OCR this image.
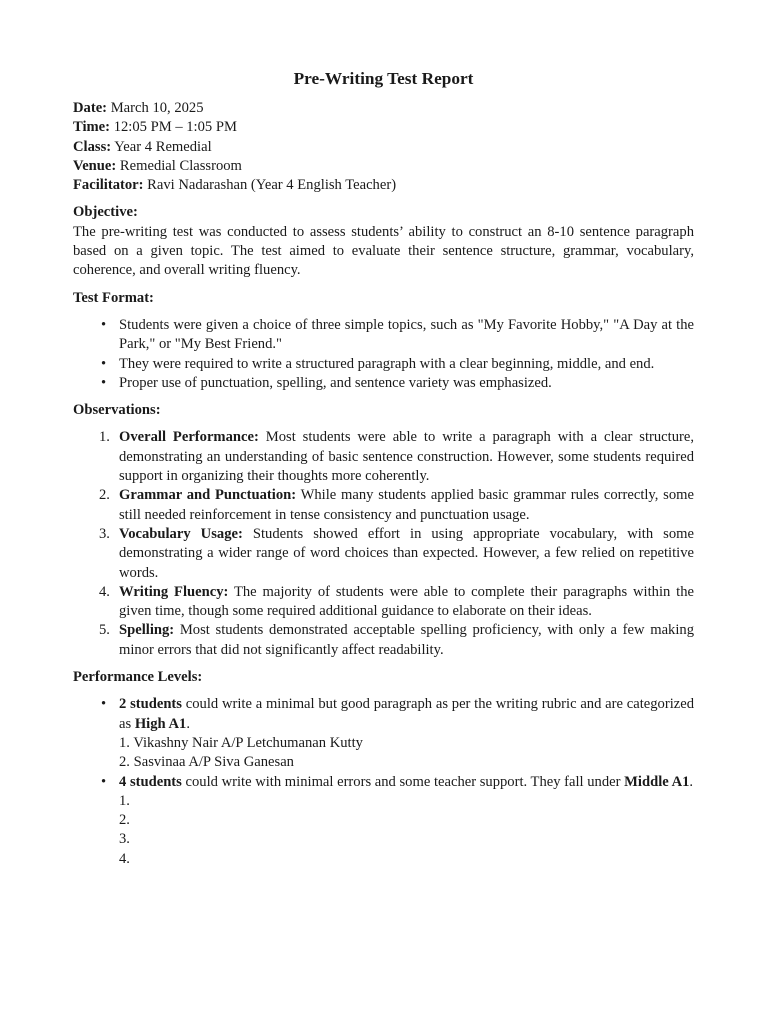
Pre-Writing Test Report

Date: March 10, 2025

Time: 12:05 PM – 1:05 PM

Class: Year 4 Remedial

Venue: Remedial Classroom

Facilitator: Ravi Nadarashan (Year 4 English Teacher)

Objective:

The pre-writing test was conducted to assess students’ ability to construct an 8-10 sentence paragraph based on a given topic. The test aimed to evaluate their sentence structure, grammar, vocabulary, coherence, and overall writing fluency.

Test Format:

• Students were given a choice of three simple topics, such as "My Favorite Hobby," "A Day at the Park," or "My Best Friend."
• They were required to write a structured paragraph with a clear beginning, middle, and end.
• Proper use of punctuation, spelling, and sentence variety was emphasized.

Observations:

1. Overall Performance: Most students were able to write a paragraph with a clear structure, demonstrating an understanding of basic sentence construction. However, some students required support in organizing their thoughts more coherently.
2. Grammar and Punctuation: While many students applied basic grammar rules correctly, some still needed reinforcement in tense consistency and punctuation usage.
3. Vocabulary Usage: Students showed effort in using appropriate vocabulary, with some demonstrating a wider range of word choices than expected. However, a few relied on repetitive words.
4. Writing Fluency: The majority of students were able to complete their paragraphs within the given time, though some required additional guidance to elaborate on their ideas.
5. Spelling: Most students demonstrated acceptable spelling proficiency, with only a few making minor errors that did not significantly affect readability.

Performance Levels:

• 2 students could write a minimal but good paragraph as per the writing rubric and are categorized as High A1.
1. Vikashny Nair A/P Letchumanan Kutty
2. Sasvinaa A/P Siva Ganesan
• 4 students could write with minimal errors and some teacher support. They fall under Middle A1.
1.
2.
3.
4.
